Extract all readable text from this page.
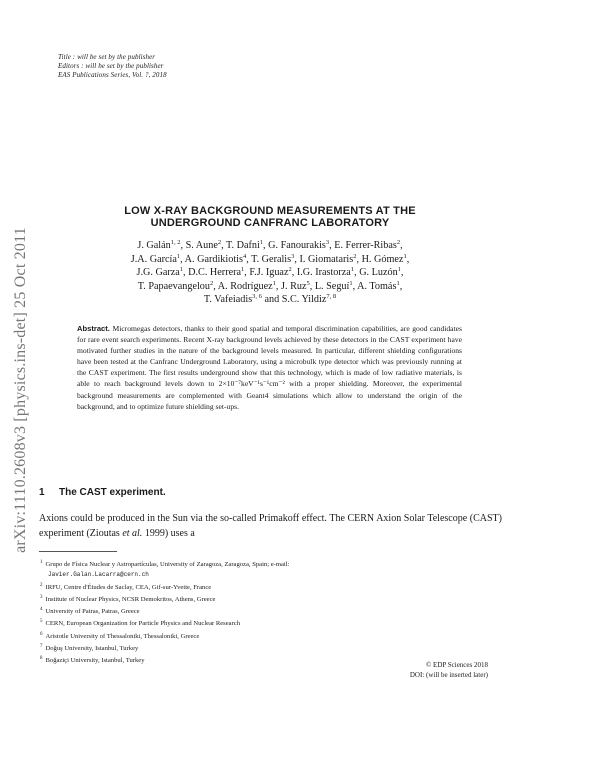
Title : will be set by the publisher
Editors : will be set by the publisher
EAS Publications Series, Vol. ?, 2018
arXiv:1110.2608v3 [physics.ins-det] 25 Oct 2011
LOW X-RAY BACKGROUND MEASUREMENTS AT THE
UNDERGROUND CANFRANC LABORATORY
J. Galán$^{1, 2}$, S. Aune$^2$, T. Dafni$^1$, G. Fanourakis$^3$, E. Ferrer-Ribas$^2$,
J.A. García$^1$, A. Gardikiotis$^4$, T. Geralis$^3$, I. Giomataris$^2$, H. Gómez$^1$,
J.G. Garza$^1$, D.C. Herrera$^1$, F.J. Iguaz$^2$, I.G. Irastorza$^1$, G. Luzón$^1$,
T. Papaevangelou$^2$, A. Rodríguez$^1$, J. Ruz$^5$, L. Seguí$^1$, A. Tomás$^1$,
T. Vafeiadis$^{3, 6}$ and S.C. Yildiz$^{7, 8}$
Abstract. Micromegas detectors, thanks to their good spatial and temporal discrimination capabilities, are good candidates for rare event search experiments. Recent X-ray background levels achieved by these detectors in the CAST experiment have motivated further studies in the nature of the background levels measured. In particular, different shielding configurations have been tested at the Canfranc Underground Laboratory, using a microbulk type detector which was previously running at the CAST experiment. The first results underground show that this technology, which is made of low radiative materials, is able to reach background levels down to 2×10⁻⁷keV⁻¹s⁻¹cm⁻² with a proper shielding. Moreover, the experimental background measurements are complemented with Geant4 simulations which allow to understand the origin of the background, and to optimize future shielding set-ups.
1 The CAST experiment.
Axions could be produced in the Sun via the so-called Primakoff effect. The CERN Axion Solar Telescope (CAST) experiment (Zioutas et al. 1999) uses a
$^1$ Grupo de Física Nuclear y Astropartículas, University of Zaragoza, Zaragoza, Spain; e-mail:
Javier.Galan.Lacarra@cern.ch
$^2$ IRFU, Centre d'Études de Saclay, CEA, Gif-sur-Yvette, France
$^3$ Institute of Nuclear Physics, NCSR Demokritos, Athens, Greece
$^4$ University of Patras, Patras, Greece
$^5$ CERN, European Organization for Particle Physics and Nuclear Research
$^6$ Aristotle University of Thessaloniki, Thessaloniki, Greece
$^7$ Doğuş University, Istanbul, Turkey
$^8$ Boğaziçi University, Istanbul, Turkey
© EDP Sciences 2018
DOI: (will be inserted later)
